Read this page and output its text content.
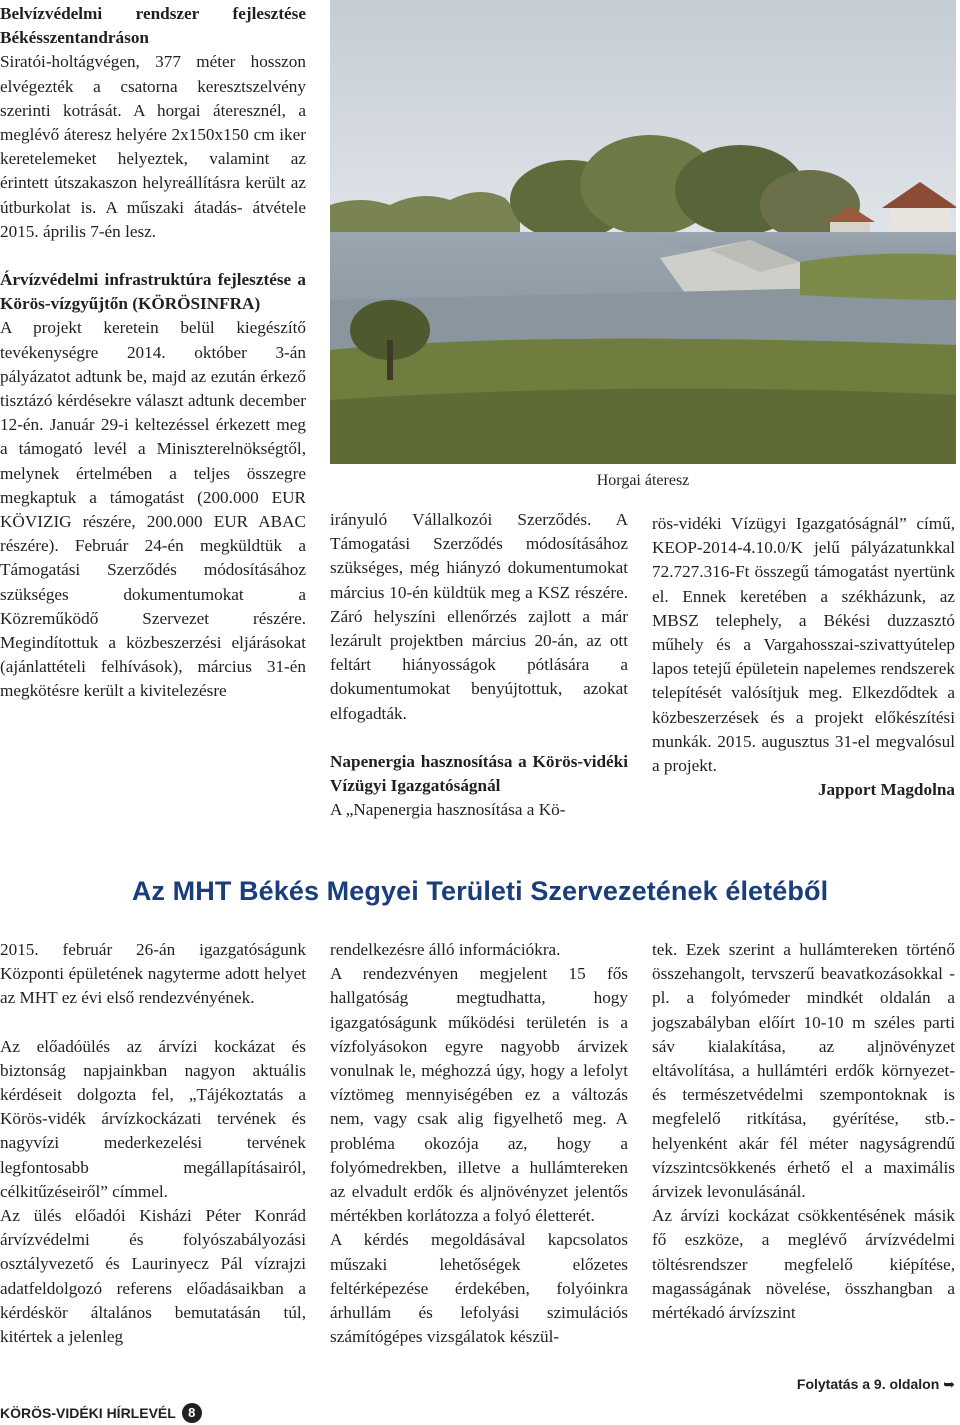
Belvízvédelmi rendszer fejlesztése Békésszentandráson

Siratói-holtágvégen, 377 méter hosszon elvégezték a csatorna keresztszelvény szerinti kotrását. A horgai áteresznél, a meglévő áteresz helyére 2x150x150 cm iker keretelemeket helyeztek, valamint az érintett útszakaszon helyreállításra került az útburkolat is. A műszaki átadás- átvétele 2015. április 7-én lesz.

Árvízvédelmi infrastruktúra fejlesztése a Körös-vízgyűjtőn (KÖRÖSINFRA)

A projekt keretein belül kiegészítő tevékenységre 2014. október 3-án pályázatot adtunk be, majd az ezután érkező tisztázó kérdésekre választ adtunk december 12-én. Január 29-i keltezéssel érkezett meg a támogató levél a Miniszterelnökségtől, melynek értelmében a teljes összegre megkaptuk a támogatást (200.000 EUR KÖVIZIG részére, 200.000 EUR ABAC részére). Február 24-én megküldtük a Támogatási Szerződés módosításához szükséges dokumentumokat a Közreműködő Szervezet részére. Megindítottuk a közbeszerzési eljárásokat (ajánlattételi felhívások), március 31-én megkötésre került a kivitelezésre

Horgai áteresz

irányuló Vállalkozói Szerződés. A Támogatási Szerződés módosításához szükséges, még hiányzó dokumentumokat március 10-én küldtük meg a KSZ részére. Záró helyszíni ellenőrzés zajlott a már lezárult projektben március 20-án, az ott feltárt hiányosságok pótlására a dokumentumokat benyújtottuk, azokat elfogadták.

Napenergia hasznosítása a Körös-vidéki Vízügyi Igazgatóságnál

A „Napenergia hasznosítása a Kö-

rös-vidéki Vízügyi Igazgatóságnál” című, KEOP-2014-4.10.0/K jelű pályázatunkkal 72.727.316-Ft összegű támogatást nyertünk el. Ennek keretében a székházunk, az MBSZ telephely, a Békési duzzasztó műhely és a Vargahosszai-szivattyútelep lapos tetejű épületein napelemes rendszerek telepítését valósítjuk meg. Elkezdődtek a közbeszerzések és a projekt előkészítési munkák. 2015. augusztus 31-el megvalósul a projekt.

Japport Magdolna

Az MHT Békés Megyei Területi Szervezetének életéből

2015. február 26-án igazgatóságunk Központi épületének nagyterme adott helyet az MHT ez évi első rendezvényének.

Az előadóülés az árvízi kockázat és biztonság napjainkban nagyon aktuális kérdéseit dolgozta fel, „Tájékoztatás a Körös-vidék árvízkockázati tervének és nagyvízi mederkezelési tervének legfontosabb megállapításairól, célkitűzéseiről” címmel.

Az ülés előadói Kisházi Péter Konrád árvízvédelmi és folyószabályozási osztályvezető és Laurinyecz Pál vízrajzi adatfeldolgozó referens előadásaikban a kérdéskör általános bemutatásán túl, kitértek a jelenleg

rendelkezésre álló információkra.

A rendezvényen megjelent 15 fős hallgatóság megtudhatta, hogy igazgatóságunk működési területén is a vízfolyásokon egyre nagyobb árvizek vonulnak le, méghozzá úgy, hogy a lefolyt víztömeg mennyiségében ez a változás nem, vagy csak alig figyelhető meg. A probléma okozója az, hogy a folyómedrekben, illetve a hullámtereken az elvadult erdők és aljnövényzet jelentős mértékben korlátozza a folyó életterét.

A kérdés megoldásával kapcsolatos műszaki lehetőségek előzetes feltérképezése érdekében, folyóinkra árhullám és lefolyási szimulációs számítógépes vizsgálatok készül-

tek. Ezek szerint a hullámtereken történő összehangolt, tervszerű beavatkozásokkal - pl. a folyómeder mindkét oldalán a jogszabályban előírt 10-10 m széles parti sáv kialakítása, az aljnövényzet eltávolítása, a hullámtéri erdők környezet- és természetvédelmi szempontoknak is megfelelő ritkítása, gyérítése, stb.- helyenként akár fél méter nagyságrendű vízszintcsökkenés érhető el a maximális árvizek levonulásánál.

Az árvízi kockázat csökkentésének másik fő eszköze, a meglévő árvízvédelmi töltésrendszer megfelelő kiépítése, magasságának növelése, összhangban a mértékadó árvízszint

Folytatás a 9. oldalon ➥
KÖRÖS-VIDÉKI HÍRLEVÉL 8
